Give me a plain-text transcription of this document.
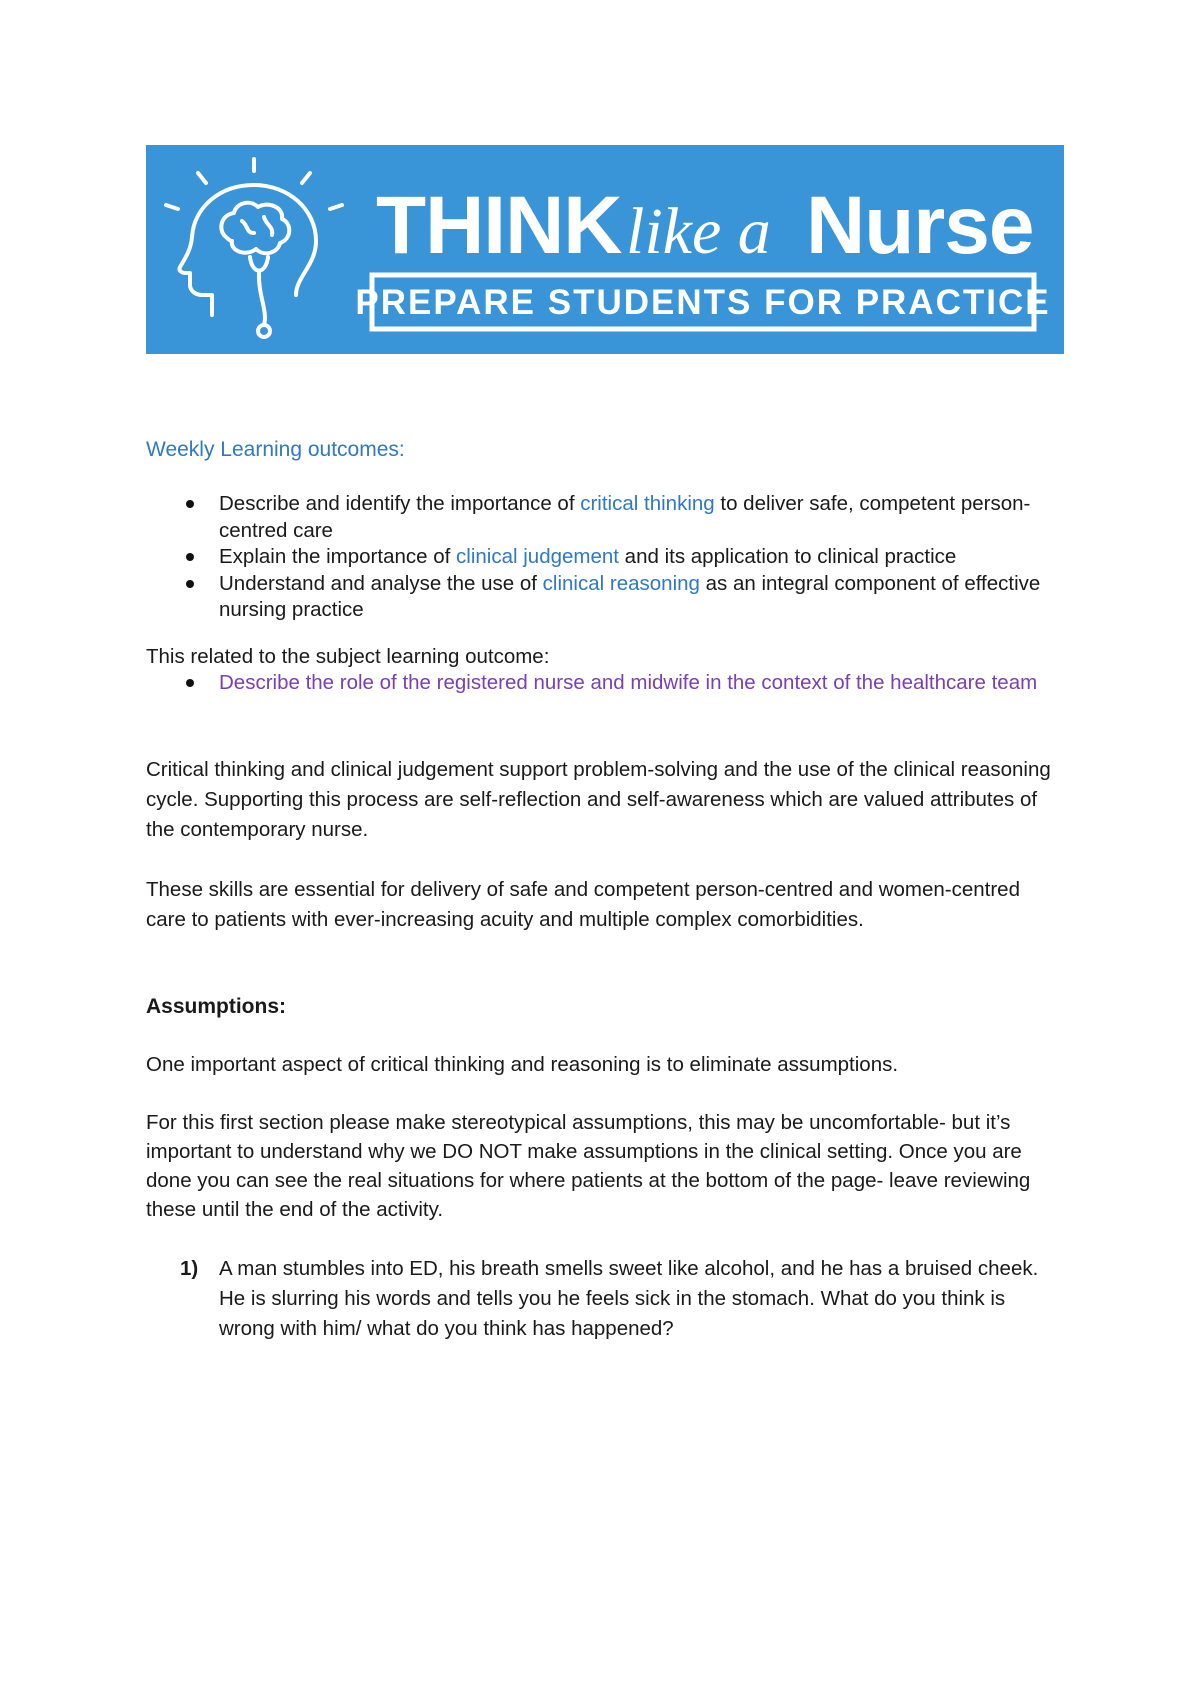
THINK like a Nurse
PREPARE STUDENTS FOR PRACTICE
Weekly Learning outcomes:
Describe and identify the importance of critical thinking to deliver safe, competent person-centred care
Explain the importance of clinical judgement and its application to clinical practice
Understand and analyse the use of clinical reasoning as an integral component of effective nursing practice

This related to the subject learning outcome:

Describe the role of the registered nurse and midwife in the context of the healthcare team

Critical thinking and clinical judgement support problem-solving and the use of the clinical reasoning cycle. Supporting this process are self-reflection and self-awareness which are valued attributes of the contemporary nurse.

These skills are essential for delivery of safe and competent person-centred and women-centred care to patients with ever-increasing acuity and multiple complex comorbidities.

Assumptions:

One important aspect of critical thinking and reasoning is to eliminate assumptions.

For this first section please make stereotypical assumptions, this may be uncomfortable- but it’s important to understand why we DO NOT make assumptions in the clinical setting. Once you are done you can see the real situations for where patients at the bottom of the page- leave reviewing these until the end of the activity.

1) A man stumbles into ED, his breath smells sweet like alcohol, and he has a bruised cheek. He is slurring his words and tells you he feels sick in the stomach. What do you think is wrong with him/ what do you think has happened?
